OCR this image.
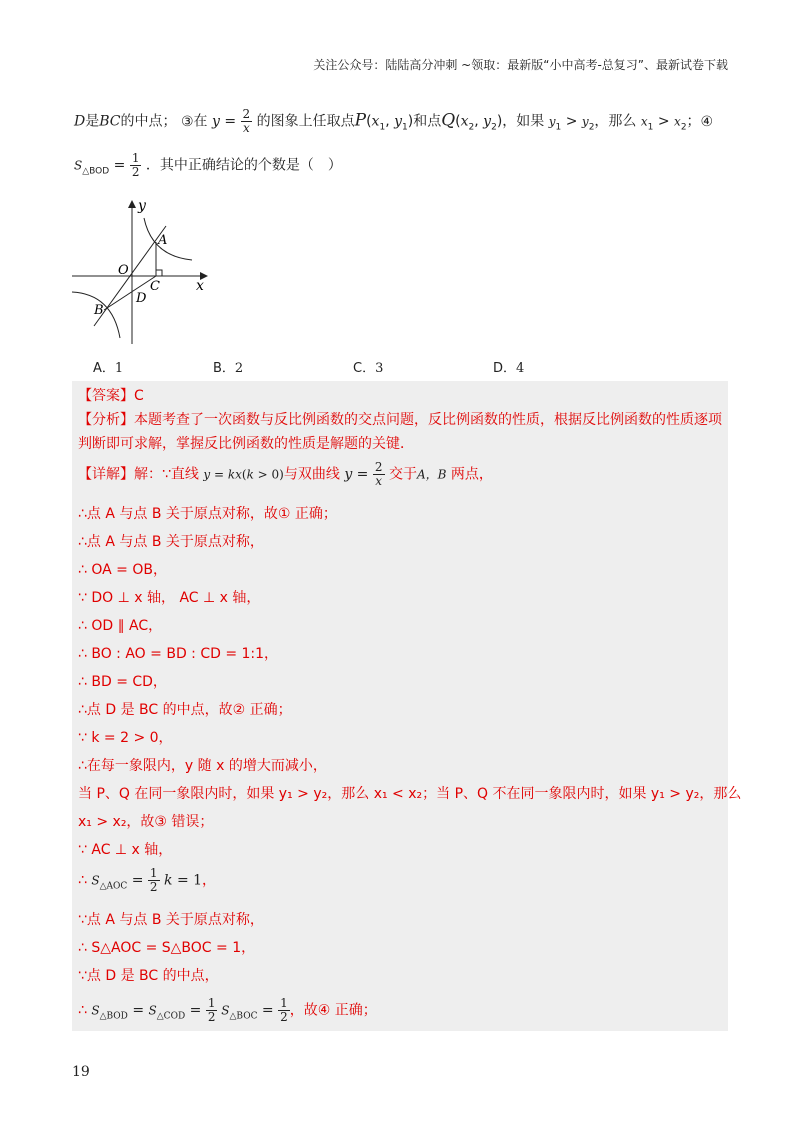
关注公众号：陆陆高分冲刺 ~领取：最新版“小中高考-总复习”、最新试卷下载
D是BC的中点； ③在 $y = \frac{2}{x}$ 的图象上任取点$P(x_1$, $y_1$)和点$Q(x_2$, $y_2$)，如果 $y_1 > y_2$，那么 $x_1 > x_2$；④
$S_{\triangle BOD} = \frac{1}{2}$ ．其中正确结论的个数是（　）
y
x
O
A
C
D
B
A．1	B．2	C．3	D．4
【答案】C
【分析】本题考查了一次函数与反比例函数的交点问题，反比例函数的性质，根据反比例函数的性质逐项
判断即可求解，掌握反比例函数的性质是解题的关键．
【详解】解：∵直线 y = kx(k > 0)与双曲线 $y = \frac{2}{x}$ 交于A，B 两点，
∴点 A 与点 B 关于原点对称，故① 正确；
∴点 A 与点 B 关于原点对称，
∴ OA = OB，
∵ DO ⊥ x 轴， AC ⊥ x 轴，
∴ OD ∥ AC，
∴ BO : AO = BD : CD = 1:1，
∴ BD = CD，
∴点 D 是 BC 的中点，故② 正确；
∵ k = 2 > 0，
∴在每一象限内，y 随 x 的增大而减小，
当 P、Q 在同一象限内时，如果 y₁ > y₂，那么 x₁ < x₂；当 P、Q 不在同一象限内时，如果 y₁ > y₂，那么
x₁ > x₂，故③ 错误；
∵ AC ⊥ x 轴，
∴ $S_{\triangle AOC} = \frac{1}{2}$ k = 1，
∵点 A 与点 B 关于原点对称，
∴ S△AOC = S△BOC = 1，
∵点 D 是 BC 的中点，
∴ $S_{\triangle BOD} = S_{\triangle COD} = \frac{1}{2} S_{\triangle BOC} = \frac{1}{2}$ ，故④ 正确；
19
